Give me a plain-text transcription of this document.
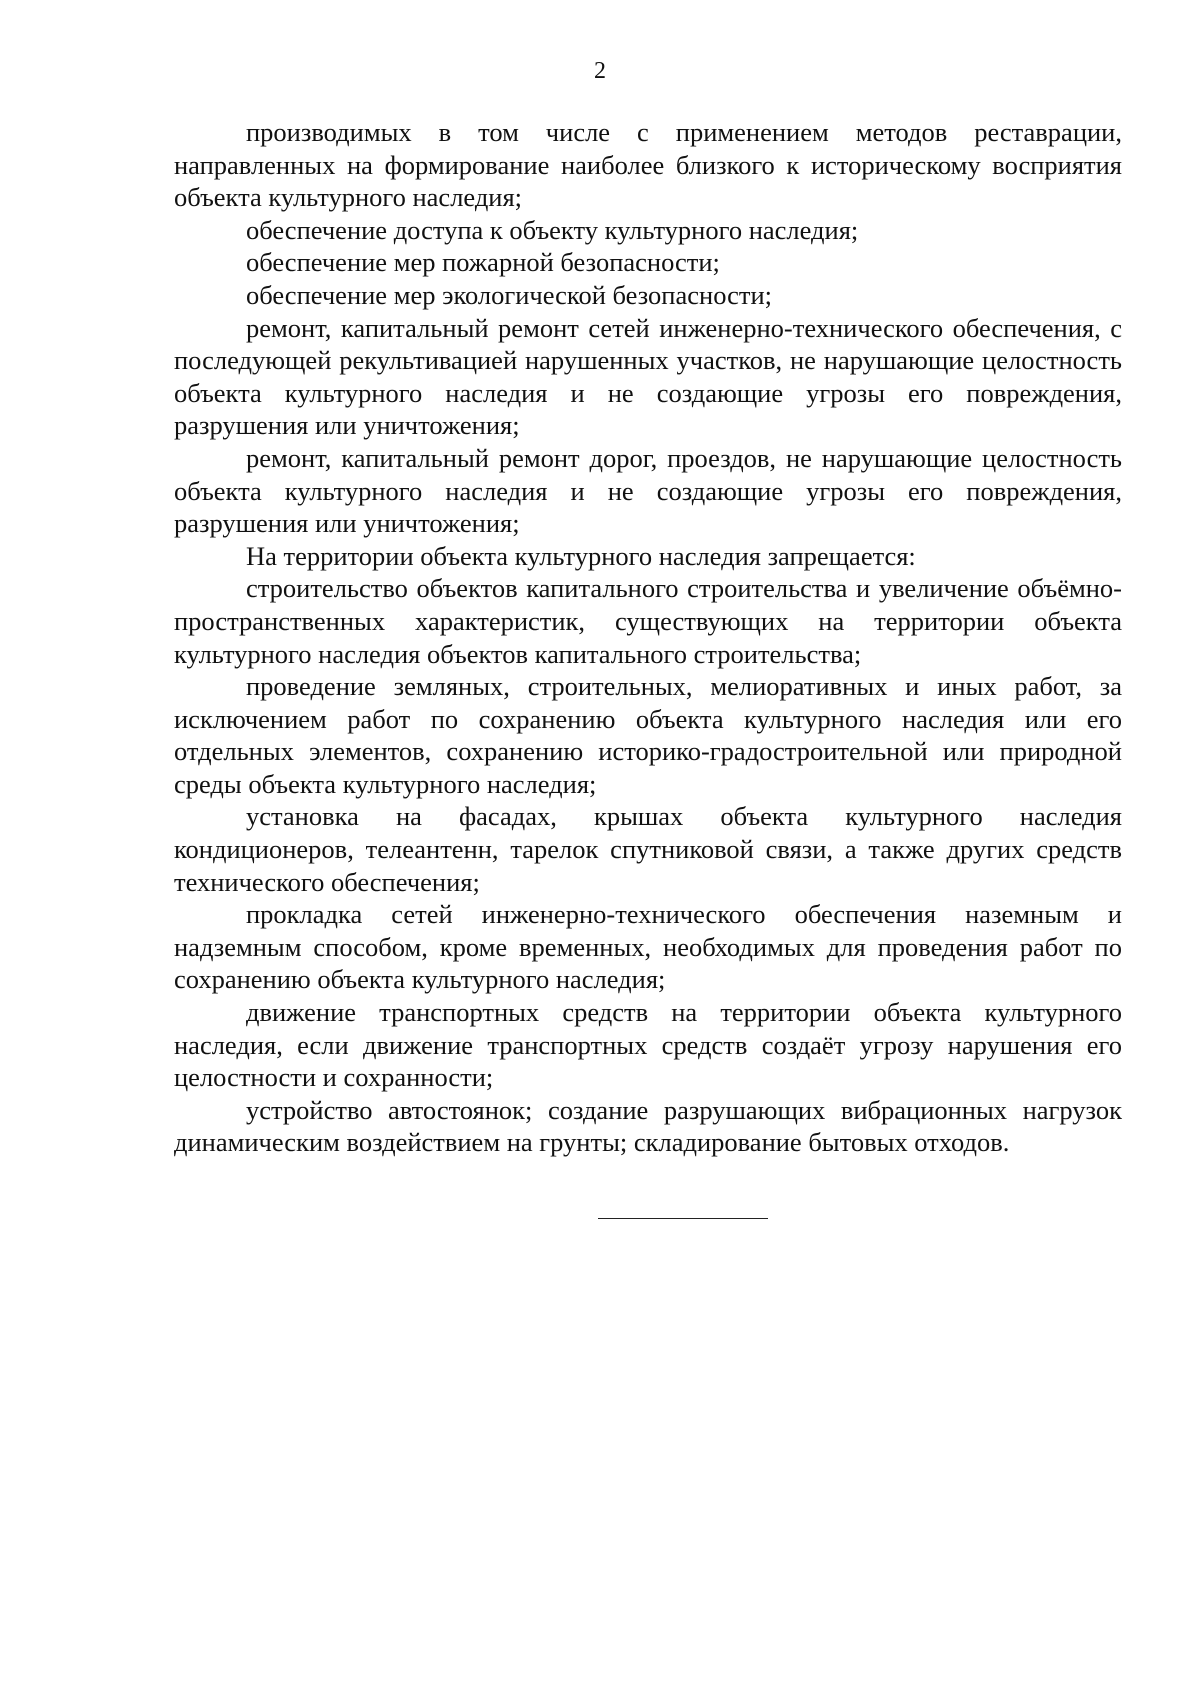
2

производимых в том числе с применением методов реставрации, направленных на формирование наиболее близкого к историческому восприятия объекта культурного наследия;

обеспечение доступа к объекту культурного наследия;

обеспечение мер пожарной безопасности;

обеспечение мер экологической безопасности;

ремонт, капитальный ремонт сетей инженерно-технического обеспечения, с последующей рекультивацией нарушенных участков, не нарушающие целостность объекта культурного наследия и не создающие угрозы его повреждения, разрушения или уничтожения;

ремонт, капитальный ремонт дорог, проездов, не нарушающие целостность объекта культурного наследия и не создающие угрозы его повреждения, разрушения или уничтожения;

На территории объекта культурного наследия запрещается:

строительство объектов капитального строительства и увеличение объёмно-пространственных характеристик, существующих на территории объекта культурного наследия объектов капитального строительства;

проведение земляных, строительных, мелиоративных и иных работ, за исключением работ по сохранению объекта культурного наследия или его отдельных элементов, сохранению историко-градостроительной или природной среды объекта культурного наследия;

установка на фасадах, крышах объекта культурного наследия кондиционеров, телеантенн, тарелок спутниковой связи, а также других средств технического обеспечения;

прокладка сетей инженерно-технического обеспечения наземным и надземным способом, кроме временных, необходимых для проведения работ по сохранению объекта культурного наследия;

движение транспортных средств на территории объекта культурного наследия, если движение транспортных средств создаёт угрозу нарушения его целостности и сохранности;

устройство автостоянок; создание разрушающих вибрационных нагрузок динамическим воздействием на грунты; складирование бытовых отходов.
